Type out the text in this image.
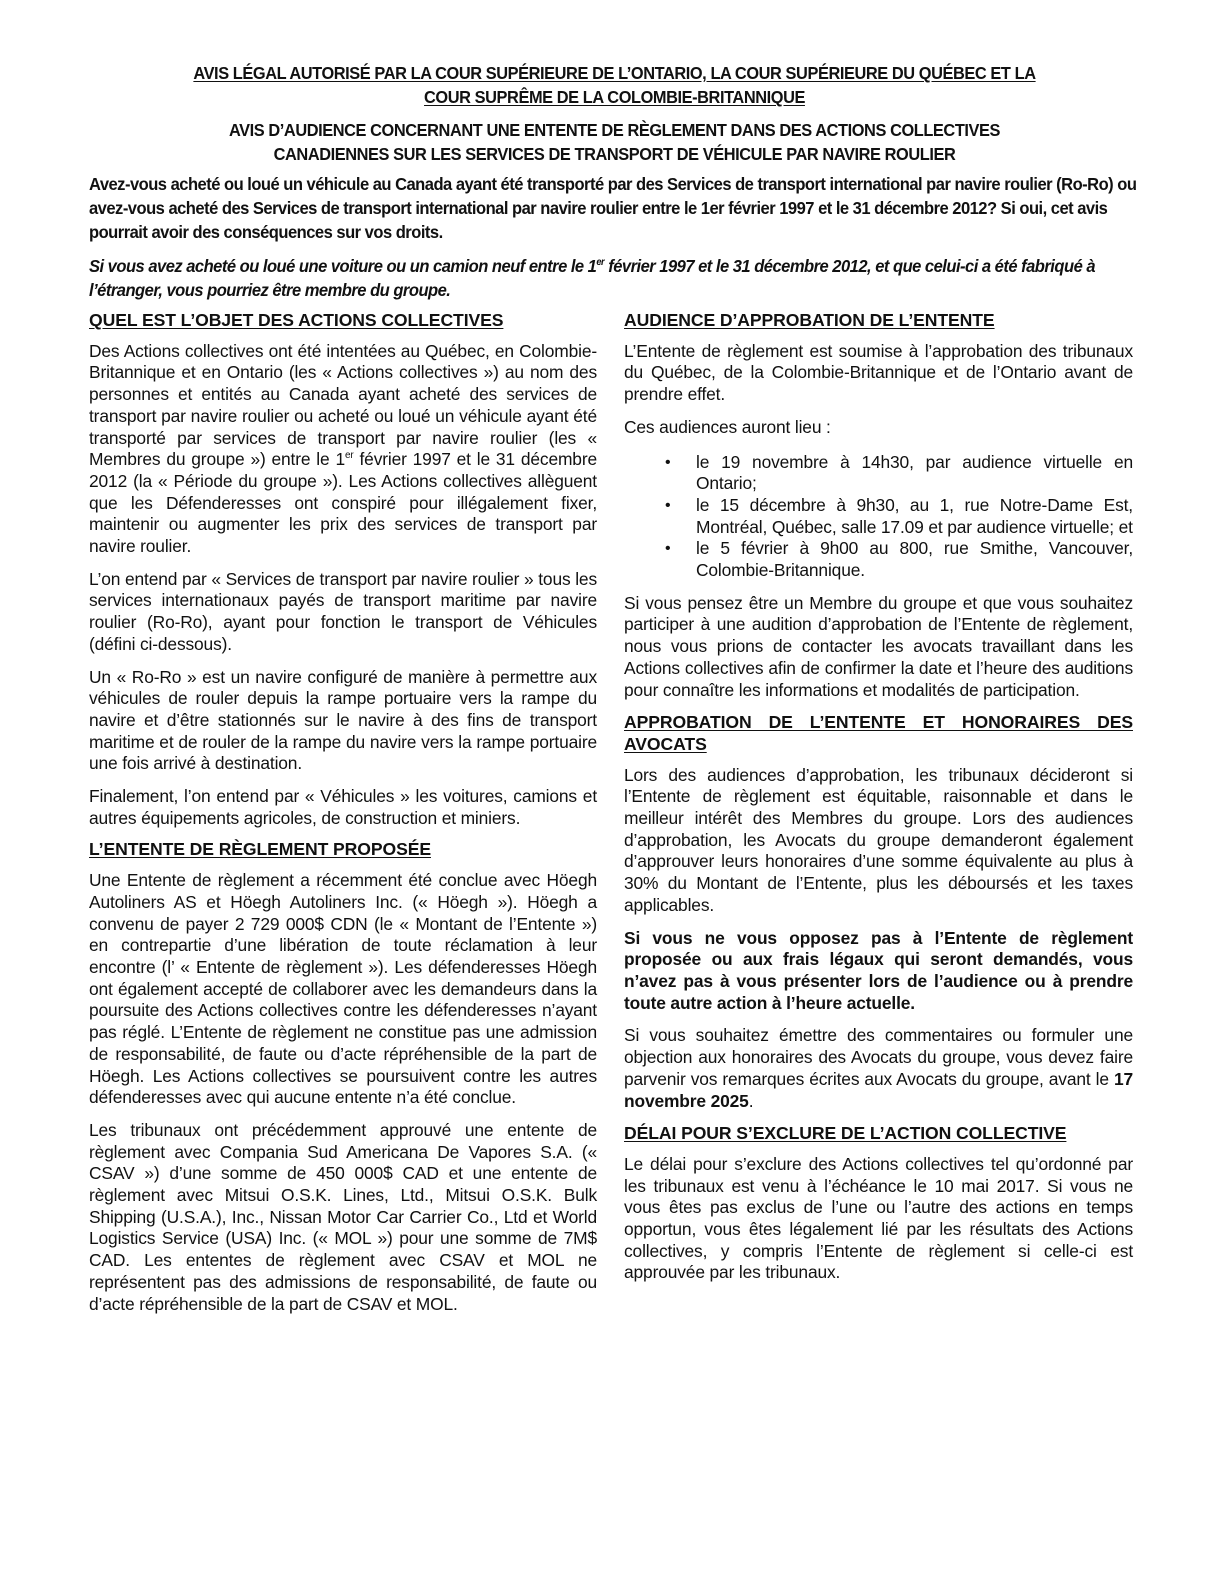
AVIS LÉGAL AUTORISÉ PAR LA COUR SUPÉRIEURE DE L’ONTARIO, LA COUR SUPÉRIEURE DU QUÉBEC ET LA
COUR SUPRÊME DE LA COLOMBIE-BRITANNIQUE
AVIS D’AUDIENCE CONCERNANT UNE ENTENTE DE RÈGLEMENT DANS DES ACTIONS COLLECTIVES
CANADIENNES SUR LES SERVICES DE TRANSPORT DE VÉHICULE PAR NAVIRE ROULIER
Avez-vous acheté ou loué un véhicule au Canada ayant été transporté par des Services de transport international par navire roulier (Ro-Ro) ou avez-vous acheté des Services de transport international par navire roulier entre le 1er février 1997 et le 31 décembre 2012? Si oui, cet avis pourrait avoir des conséquences sur vos droits.
Si vous avez acheté ou loué une voiture ou un camion neuf entre le 1er février 1997 et le 31 décembre 2012, et que celui-ci a été fabriqué à l’étranger, vous pourriez être membre du groupe.
QUEL EST L’OBJET DES ACTIONS COLLECTIVES

Des Actions collectives ont été intentées au Québec, en Colombie-Britannique et en Ontario (les « Actions collectives ») au nom des personnes et entités au Canada ayant acheté des services de transport par navire roulier ou acheté ou loué un véhicule ayant été transporté par services de transport par navire roulier (les « Membres du groupe ») entre le 1er février 1997 et le 31 décembre 2012 (la « Période du groupe »). Les Actions collectives allèguent que les Défenderesses ont conspiré pour illégalement fixer, maintenir ou augmenter les prix des services de transport par navire roulier.

L’on entend par « Services de transport par navire roulier » tous les services internationaux payés de transport maritime par navire roulier (Ro-Ro), ayant pour fonction le transport de Véhicules (défini ci-dessous).

Un « Ro-Ro » est un navire configuré de manière à permettre aux véhicules de rouler depuis la rampe portuaire vers la rampe du navire et d’être stationnés sur le navire à des fins de transport maritime et de rouler de la rampe du navire vers la rampe portuaire une fois arrivé à destination.

Finalement, l’on entend par « Véhicules » les voitures, camions et autres équipements agricoles, de construction et miniers.

L’ENTENTE DE RÈGLEMENT PROPOSÉE

Une Entente de règlement a récemment été conclue avec Höegh Autoliners AS et Höegh Autoliners Inc. (« Höegh »). Höegh a convenu de payer 2 729 000$ CDN (le « Montant de l’Entente ») en contrepartie d’une libération de toute réclamation à leur encontre (l’ « Entente de règlement »). Les défenderesses Höegh ont également accepté de collaborer avec les demandeurs dans la poursuite des Actions collectives contre les défenderesses n’ayant pas réglé. L’Entente de règlement ne constitue pas une admission de responsabilité, de faute ou d’acte répréhensible de la part de Höegh. Les Actions collectives se poursuivent contre les autres défenderesses avec qui aucune entente n’a été conclue.

Les tribunaux ont précédemment approuvé une entente de règlement avec Compania Sud Americana De Vapores S.A. (« CSAV ») d’une somme de 450 000$ CAD et une entente de règlement avec Mitsui O.S.K. Lines, Ltd., Mitsui O.S.K. Bulk Shipping (U.S.A.), Inc., Nissan Motor Car Carrier Co., Ltd et World Logistics Service (USA) Inc. (« MOL ») pour une somme de 7M$ CAD. Les ententes de règlement avec CSAV et MOL ne représentent pas des admissions de responsabilité, de faute ou d’acte répréhensible de la part de CSAV et MOL.

AUDIENCE D’APPROBATION DE L’ENTENTE

L’Entente de règlement est soumise à l’approbation des tribunaux du Québec, de la Colombie-Britannique et de l’Ontario avant de prendre effet.

Ces audiences auront lieu :

• le 19 novembre à 14h30, par audience virtuelle en Ontario;
• le 15 décembre à 9h30, au 1, rue Notre-Dame Est, Montréal, Québec, salle 17.09 et par audience virtuelle; et
• le 5 février à 9h00 au 800, rue Smithe, Vancouver, Colombie-Britannique.

Si vous pensez être un Membre du groupe et que vous souhaitez participer à une audition d’approbation de l’Entente de règlement, nous vous prions de contacter les avocats travaillant dans les Actions collectives afin de confirmer la date et l’heure des auditions pour connaître les informations et modalités de participation.

APPROBATION DE L’ENTENTE ET HONORAIRES DES AVOCATS

Lors des audiences d’approbation, les tribunaux décideront si l’Entente de règlement est équitable, raisonnable et dans le meilleur intérêt des Membres du groupe. Lors des audiences d’approbation, les Avocats du groupe demanderont également d’approuver leurs honoraires d’une somme équivalente au plus à 30% du Montant de l’Entente, plus les déboursés et les taxes applicables.

Si vous ne vous opposez pas à l’Entente de règlement proposée ou aux frais légaux qui seront demandés, vous n’avez pas à vous présenter lors de l’audience ou à prendre toute autre action à l’heure actuelle.

Si vous souhaitez émettre des commentaires ou formuler une objection aux honoraires des Avocats du groupe, vous devez faire parvenir vos remarques écrites aux Avocats du groupe, avant le 17 novembre 2025.

DÉLAI POUR S’EXCLURE DE L’ACTION COLLECTIVE

Le délai pour s’exclure des Actions collectives tel qu’ordonné par les tribunaux est venu à l’échéance le 10 mai 2017. Si vous ne vous êtes pas exclus de l’une ou l’autre des actions en temps opportun, vous êtes légalement lié par les résultats des Actions collectives, y compris l’Entente de règlement si celle-ci est approuvée par les tribunaux.
